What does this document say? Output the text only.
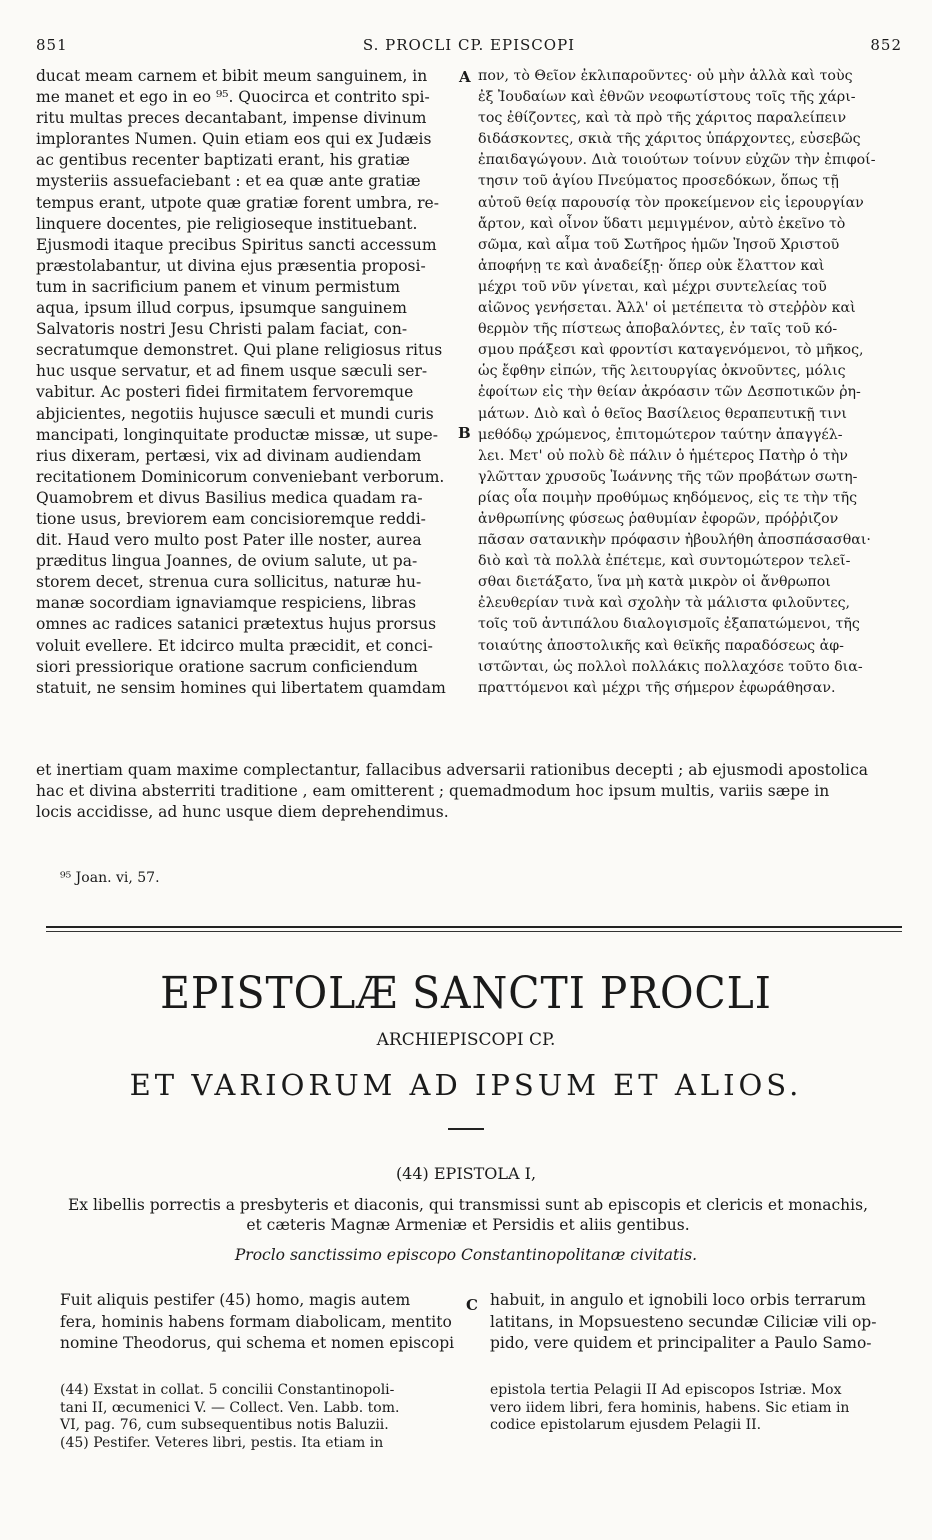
851	S. PROCLI CP. EPISCOPI	852
ducat meam carnem et bibit meum sanguinem, in
me manet et ego in eo ⁹⁵. Quocirca et contrito spi-
ritu multas preces decantabant, impense divinum
implorantes Numen. Quin etiam eos qui ex Judæis
ac gentibus recenter baptizati erant, his gratiæ
mysteriis assuefaciebant : et ea quæ ante gratiæ
tempus erant, utpote quæ gratiæ forent umbra, re-
linquere docentes, pie religioseque instituebant.
Ejusmodi itaque precibus Spiritus sancti accessum
præstolabantur, ut divina ejus præsentia proposi-
tum in sacrificium panem et vinum permistum
aqua, ipsum illud corpus, ipsumque sanguinem
Salvatoris nostri Jesu Christi palam faciat, con-
secratumque demonstret. Qui plane religiosus ritus
huc usque servatur, et ad finem usque sæculi ser-
vabitur. Ac posteri fidei firmitatem fervoremque
abjicientes, negotiis hujusce sæculi et mundi curis
mancipati, longinquitate productæ missæ, ut supe-
rius dixeram, pertæsi, vix ad divinam audiendam
recitationem Dominicorum conveniebant verborum.
Quamobrem et divus Basilius medica quadam ra-
tione usus, breviorem eam concisioremque reddi-
dit. Haud vero multo post Pater ille noster, aurea
præditus lingua Joannes, de ovium salute, ut pa-
storem decet, strenua cura sollicitus, naturæ hu-
manæ socordiam ignaviamque respiciens, libras
omnes ac radices satanici prætextus hujus prorsus
voluit evellere. Et idcirco multa præcidit, et conci-
siori pressiorique oratione sacrum conficiendum
statuit, ne sensim homines qui libertatem quamdam
πον, τὸ Θεῖον ἐκλιπαροῦντες· οὐ μὴν ἀλλὰ καὶ τοὺς
ἐξ Ἰουδαίων καὶ ἐθνῶν νεοφωτίστους τοῖς τῆς χάρι-
τος ἐθίζοντες, καὶ τὰ πρὸ τῆς χάριτος παραλείπειν
διδάσκοντες, σκιὰ τῆς χάριτος ὑπάρχοντες, εὐσεβῶς
ἐπαιδαγώγουν. Διὰ τοιούτων τοίνυν εὐχῶν τὴν ἐπιφοί-
τησιν τοῦ ἁγίου Πνεύματος προσεδόκων, ὅπως τῇ
αὐτοῦ θείᾳ παρουσίᾳ τὸν προκείμενον εἰς ἱερουργίαν
ἄρτον, καὶ οἶνον ὕδατι μεμιγμένον, αὐτὸ ἐκεῖνο τὸ
σῶμα, καὶ αἷμα τοῦ Σωτῆρος ἡμῶν Ἰησοῦ Χριστοῦ
ἀποφήνῃ τε καὶ ἀναδείξῃ· ὅπερ οὐκ ἔλαττον καὶ
μέχρι τοῦ νῦν γίνεται, καὶ μέχρι συντελείας τοῦ
αἰῶνος γενήσεται. Ἀλλ' οἱ μετέπειτα τὸ στεῤῥὸν καὶ
θερμὸν τῆς πίστεως ἀποβαλόντες, ἐν ταῖς τοῦ κό-
σμου πράξεσι καὶ φροντίσι καταγενόμενοι, τὸ μῆκος,
ὡς ἔφθην εἰπών, τῆς λειτουργίας ὀκνοῦντες, μόλις
ἐφοίτων εἰς τὴν θείαν ἀκρόασιν τῶν Δεσποτικῶν ῥη-
μάτων. Διὸ καὶ ὁ θεῖος Βασίλειος θεραπευτικῇ τινι
μεθόδῳ χρώμενος, ἐπιτομώτερον ταύτην ἀπαγγέλ-
λει. Μετ' οὐ πολὺ δὲ πάλιν ὁ ἡμέτερος Πατὴρ ὁ τὴν
γλῶτταν χρυσοῦς Ἰωάννης τῆς τῶν προβάτων σωτη-
ρίας οἷα ποιμὴν προθύμως κηδόμενος, εἰς τε τὴν τῆς
ἀνθρωπίνης φύσεως ῥαθυμίαν ἐφορῶν, πρόῤῥιζον
πᾶσαν σατανικὴν πρόφασιν ἠβουλήθη ἀποσπάσασθαι·
διὸ καὶ τὰ πολλὰ ἐπέτεμε, καὶ συντομώτερον τελεῖ-
σθαι διετάξατο, ἵνα μὴ κατὰ μικρὸν οἱ ἄνθρωποι
ἐλευθερίαν τινὰ καὶ σχολὴν τὰ μάλιστα φιλοῦντες,
τοῖς τοῦ ἀντιπάλου διαλογισμοῖς ἐξαπατώμενοι, τῆς
τοιαύτης ἀποστολικῆς καὶ θεϊκῆς παραδόσεως ἀφ-
ιστῶνται, ὡς πολλοὶ πολλάκις πολλαχόσε τοῦτο δια-
πραττόμενοι καὶ μέχρι τῆς σήμερον ἐφωράθησαν.
A
B
et inertiam quam maxime complectantur, fallacibus adversarii rationibus decepti ; ab ejusmodi apostolica
hac et divina absterriti traditione , eam omitterent ; quemadmodum hoc ipsum multis, variis sæpe in
locis accidisse, ad hunc usque diem deprehendimus.
⁹⁵ Joan. vi, 57.
EPISTOLÆ SANCTI PROCLI
ARCHIEPISCOPI CP.
ET VARIORUM AD IPSUM ET ALIOS.
(44) EPISTOLA I,
Ex libellis porrectis a presbyteris et diaconis, qui transmissi sunt ab episcopis et clericis et monachis,
et cæteris Magnæ Armeniæ et Persidis et aliis gentibus.
Proclo sanctissimo episcopo Constantinopolitanæ civitatis.
Fuit aliquis pestifer (45) homo, magis autem
fera, hominis habens formam diabolicam, mentito
nomine Theodorus, qui schema et nomen episcopi
C habuit, in angulo et ignobili loco orbis terrarum
latitans, in Mopsuesteno secundæ Ciliciæ vili op-
pido, vere quidem et principaliter a Paulo Samo-
(44) Exstat in collat. 5 concilii Constantinopoli-
tani II, œcumenici V. — Collect. Ven. Labb. tom.
VI, pag. 76, cum subsequentibus notis Baluzii.
(45) Pestifer. Veteres libri, pestis. Ita etiam in
epistola tertia Pelagii II Ad episcopos Istriæ. Mox
vero iidem libri, fera hominis, habens. Sic etiam in
codice epistolarum ejusdem Pelagii II.
